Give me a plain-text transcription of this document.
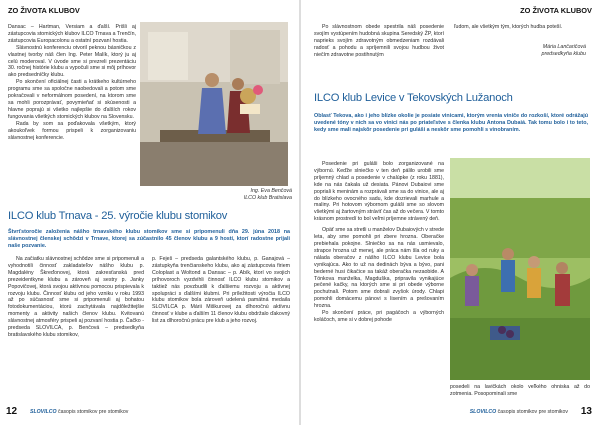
ZO ŽIVOTA KLUBOV

Dansac – Hartman, Versiam a ďalší. Prišli aj zástupcovia stomických klubov ILCO Trnava a Trenčín, zástupcovia Europacolonu a ostatní pozvaní hostia.

Slávnostnú konferenciu otvoril peknou básničkou z vlastnej tvorby náš člen Ing. Peter Malík, ktorý ju aj celú moderoval. V úvode sme si prezreli prezentáciu 30. ročnej histórie klubu a vypočuli sme si môj príhovor ako predsedníčky klubu.

Po skončení oficiálnej časti a krátkeho kultúrneho programu sme sa spoločne naobedovali a potom sme pokračovali v neformálnom posedení, na ktorom sme sa mohli porozprávať, povymieňať si skúsenosti a hlavne poprajú si všetko najlepšie do ďalších rokov fungovania všetkých stomických klubov na Slovensku.

Rada by som sa poďakovala všetkým, ktorý akoukoľvek formou prispeli k zorganizovaniu slávnostnej konferencie.

Ing. Eva Benčová
ILCO klub Bratislava
ILCO klub Trnava - 25. výročie klubu stomikov
Štvrťstoročie založenia nášho trnavského klubu stomikov sme si pripomenuli dňa 29. júna 2018 na slávnostnej členskej schôdzi v Trnave, ktorej sa zúčastnilo 45 členov klubu a 9 hostí, ktorí radostne prijali naše pozvanie.
Na začiatku slávnostnej schôdze sme si pripomenuli a vyhodnotili činnosť zakladateľov nášho klubu p. Magdalény Škreďonovej, ktorá zakresťanská pred prezeidentkyne klubu a zároveň aj sestry p. Janky Popovičovej, ktorá svojou aktívnou pomocou prispievala k rozvoju klubu. Činnosť klubu od jeho vzniku v roku 1993 až po súčasnosť sme si pripomenuli aj bohatou fotodokumentáciou, ktorú zachytávala najdôležitejšie momenty a aktivity našich členov klubu. Kvitovanú slávnostnej atmosféry prispeli aj pozvaní hostia p. Čačko - predseda SLOVILCA, p. Benčová – predsedkyňa bratislavského klubu stomikov,
p. Feješ – predseda galantského klubu, p. Ganajová – zástupkyňa trenčianskeho klubu, ako aj zástupcovia firiem Coloplast a Woltond a Dansac – p. Abík, ktorí vo svojich príhovoroch vyzdvihli činnosť ILCO klubu stomikov a taktiež nás povzbudili k ďalšiemu rozvoju a aktívnej spolupráci s ďalšími klubmi. Pri príležitosti výročia ILCO klubu stomikov bola zároveň udelená pamätná medaila SLOVILCA p. Márii Miškurovej za dlhoročnú aktívnu činnosť v klube a ďalším 11 členov klubu obdržalo ďakovný list za dlhoročnú prácu pre klub a jeho rozvoj.
12 SLOVILCO časopis stomikov pre stomikov
ZO ŽIVOTA KLUBOV
Po slávnostnom obede spestrila náš posedenie svojím vystúpením hudobná skupina Seredský ŽP, ktorí naprieks svojím zdravotným obmedzeniam rozdávali radosť a pohodu a spríjemnili svojou hudbou život niečím zdravotne postihnutým
ľudom, ale všetkým tým, ktorých hudba poteší.
Mária Lančaričová
predsedkyňa klubu
ILCO klub Levice v Tekovských Lužanoch
Oblasť Tekova, ako i jeho blízke okolie je posiate vinicami, ktorým vrenia viniče do rozkoší, ktoré odrážajú uvedené tóny v nich sa vo vinici nás po priateľstve s členka klubu Antona Dubaiá. Tak tomu bolo i to teto, kedy sme mali najskôr posedenie pri guláši a neskôr sme pomohli s vinobraním.

Posedenie pri guláši bolo zorganizované na výbornú. Keďže slniečko v ten deň pálilo urobili sme príjemný chlad a posedenie v chalúpke (z roku 1881), kde na nás čakala už desiata. Pánovi Dubaiovi sme popriali k meninám a rozprávali sme sa do vinice, ale aj do blízkeho ovocného sadu, kde dozrievali marhule a maliny. Pri hotovom výbornom guláši sme so slovom všetkými aj žartovným stráviť čas až do večera. V tomto krásnom prostredí to bol veľmi príjemne strávený deň.

Opäť sme sa stretli u manželov Dubaiových v strede leta, aby sme pomohli pri zbere hrozna. Oberačke prebiehala pokojne. Slniečko sa na nás usmievalo, strapce hrozna už menej, ale práca nám šla od ruky a nálada oberačov z nášho ILCO klubu Levice bola vynikajúca. Ako to už na dedinách býva a bývo, pani bederné husi čikačice sa takáž oberačka nezaobide. A Tónkova manželka, Magduška, pripravila vynikajúce pečené kačky, na ktorých sme si pri obede výborne pochutnali. Potom sme dobrali zvyšok úrody. Chlapi pomohli domácemu pánovi s lisením a prešovaním hrozna.

Po skončení práce, pri pagáčoch a výborných koláčoch, sme si v dobrej pohode

posedeli na lavičkách okolo veľkého ohniska až do zotmenia. Posopominali sme
SLOVILCO časopis stomikov pre stomikov 13
